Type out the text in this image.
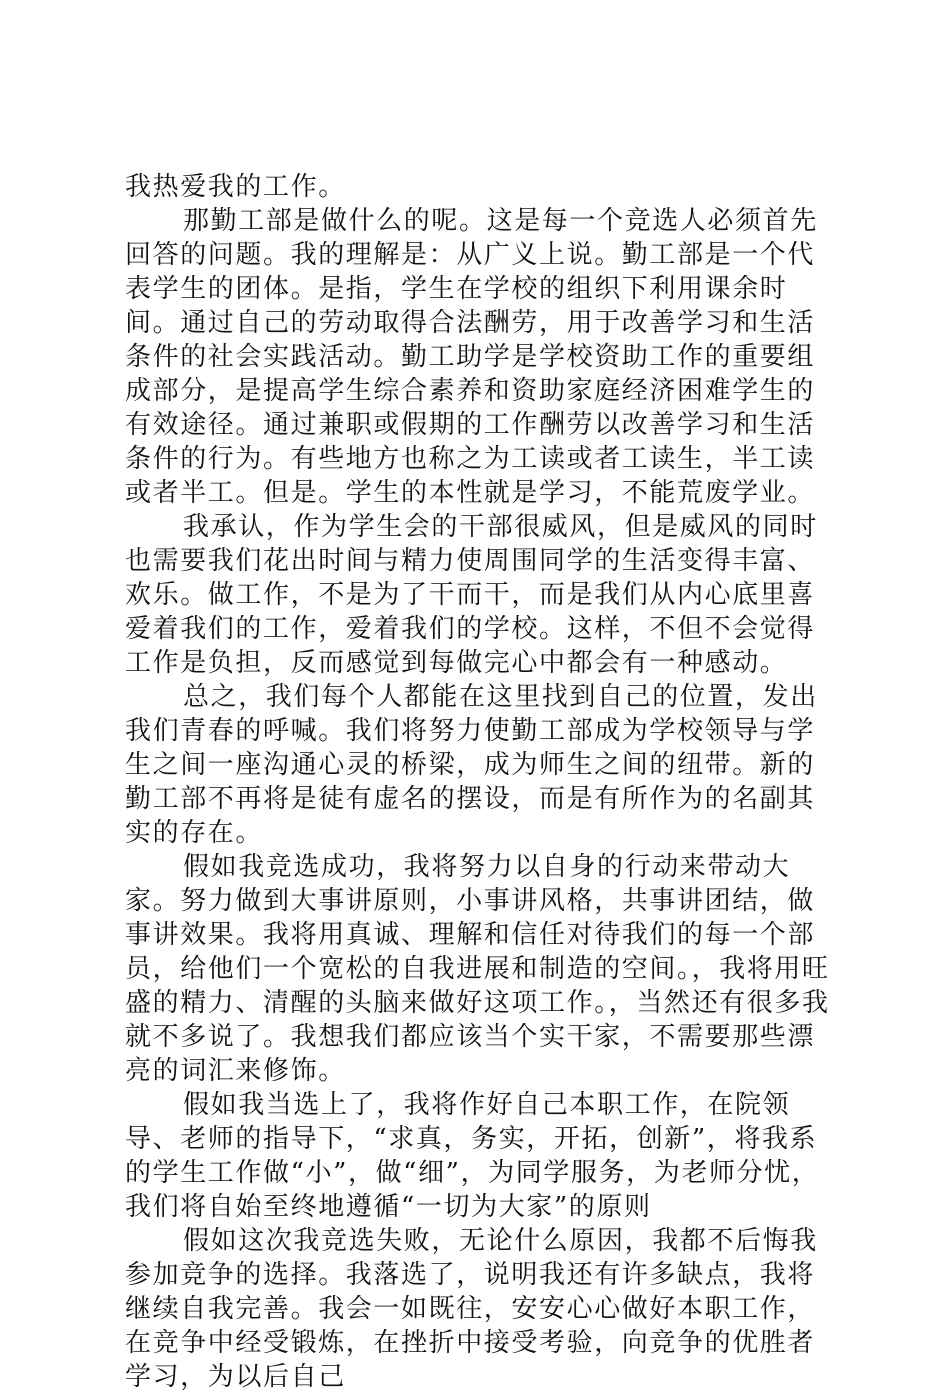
我热爱我的工作。

那勤工部是做什么的呢。这是每一个竞选人必须首先回答的问题。我的理解是：从广义上说。勤工部是一个代表学生的团体。是指，学生在学校的组织下利用课余时间。通过自己的劳动取得合法酬劳，用于改善学习和生活条件的社会实践活动。勤工助学是学校资助工作的重要组成部分，是提高学生综合素养和资助家庭经济困难学生的有效途径。通过兼职或假期的工作酬劳以改善学习和生活条件的行为。有些地方也称之为工读或者工读生，半工读或者半工。但是。学生的本性就是学习，不能荒废学业。

我承认，作为学生会的干部很威风，但是威风的同时也需要我们花出时间与精力使周围同学的生活变得丰富、欢乐。做工作，不是为了干而干，而是我们从内心底里喜爱着我们的工作，爱着我们的学校。这样，不但不会觉得工作是负担，反而感觉到每做完心中都会有一种感动。

总之，我们每个人都能在这里找到自己的位置，发出我们青春的呼喊。我们将努力使勤工部成为学校领导与学生之间一座沟通心灵的桥梁，成为师生之间的纽带。新的勤工部不再将是徒有虚名的摆设，而是有所作为的名副其实的存在。

假如我竞选成功，我将努力以自身的行动来带动大家。努力做到大事讲原则，小事讲风格，共事讲团结，做事讲效果。我将用真诚、理解和信任对待我们的每一个部员，给他们一个宽松的自我进展和制造的空间。，我将用旺盛的精力、清醒的头脑来做好这项工作。，当然还有很多我就不多说了。我想我们都应该当个实干家，不需要那些漂亮的词汇来修饰。

假如我当选上了，我将作好自己本职工作，在院领导、老师的指导下，“求真，务实，开拓，创新”，将我系的学生工作做“小”，做“细”，为同学服务，为老师分忧，我们将自始至终地遵循“一切为大家”的原则

假如这次我竞选失败，无论什么原因，我都不后悔我参加竞争的选择。我落选了，说明我还有许多缺点，我将继续自我完善。我会一如既往，安安心心做好本职工作，在竞争中经受锻炼，在挫折中接受考验，向竞争的优胜者学习，为以后自己
